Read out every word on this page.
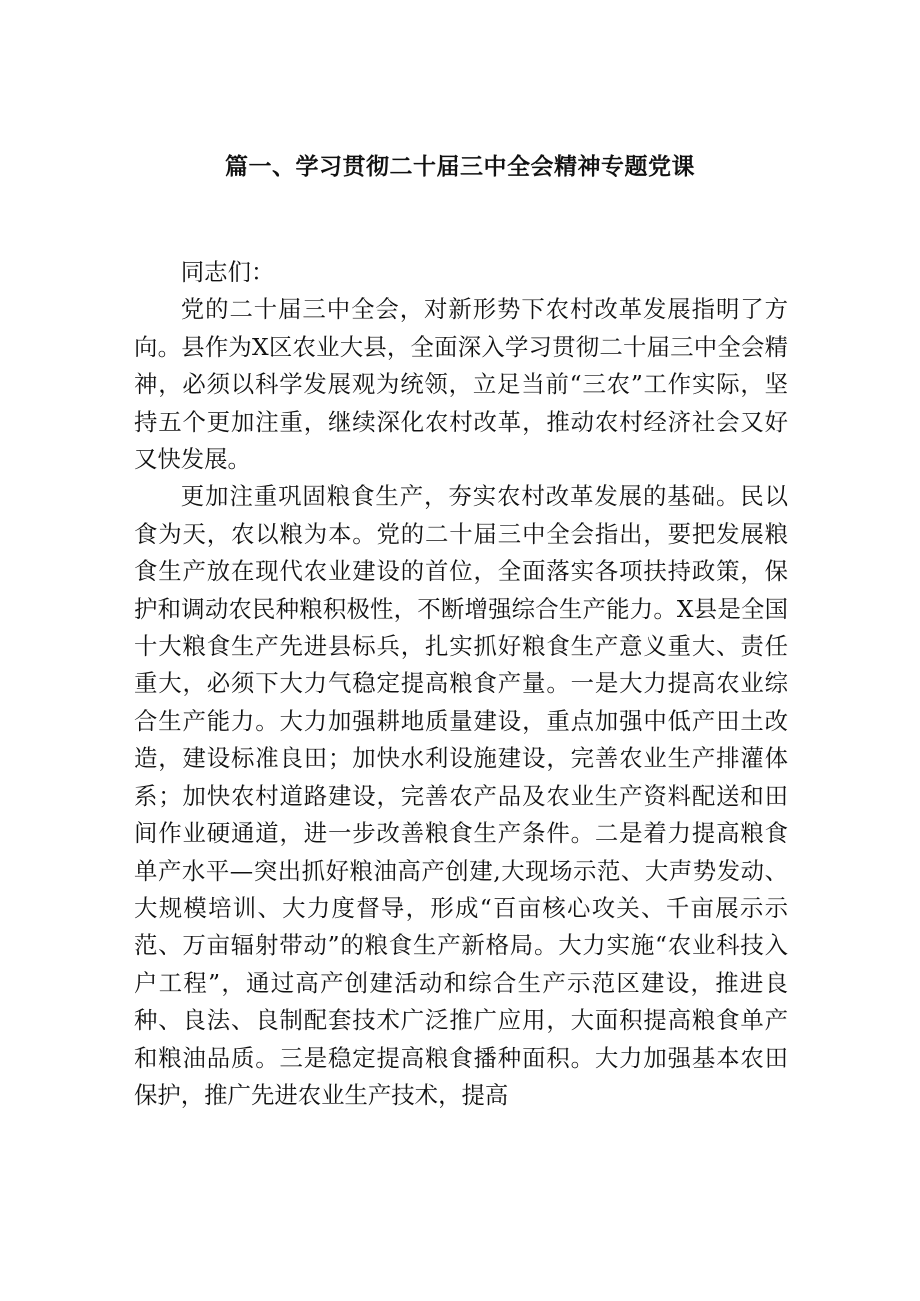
篇一、学习贯彻二十届三中全会精神专题党课

同志们：

党的二十届三中全会，对新形势下农村改革发展指明了方向。县作为X区农业大县，全面深入学习贯彻二十届三中全会精神，必须以科学发展观为统领，立足当前“三农”工作实际，坚持五个更加注重，继续深化农村改革，推动农村经济社会又好又快发展。

更加注重巩固粮食生产，夯实农村改革发展的基础。民以食为天，农以粮为本。党的二十届三中全会指出，要把发展粮食生产放在现代农业建设的首位，全面落实各项扶持政策，保护和调动农民种粮积极性，不断增强综合生产能力。X县是全国十大粮食生产先进县标兵，扎实抓好粮食生产意义重大、责任重大，必须下大力气稳定提高粮食产量。一是大力提高农业综合生产能力。大力加强耕地质量建设，重点加强中低产田土改造，建设标准良田；加快水利设施建设，完善农业生产排灌体系；加快农村道路建设，完善农产品及农业生产资料配送和田间作业硬通道，进一步改善粮食生产条件。二是着力提高粮食单产水平—突出抓好粮油高产创建,大现场示范、大声势发动、大规模培训、大力度督导，形成“百亩核心攻关、千亩展示示范、万亩辐射带动”的粮食生产新格局。大力实施“农业科技入户工程”，通过高产创建活动和综合生产示范区建设，推进良种、良法、良制配套技术广泛推广应用，大面积提高粮食单产和粮油品质。三是稳定提高粮食播种面积。大力加强基本农田保护，推广先进农业生产技术，提高
